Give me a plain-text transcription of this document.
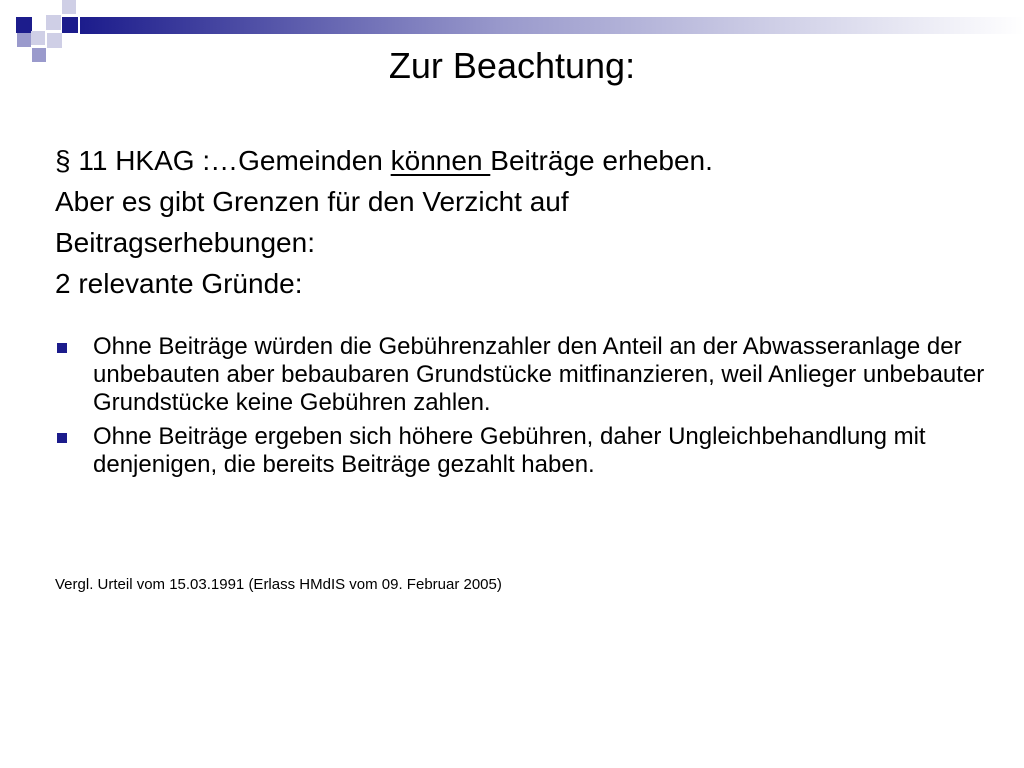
Zur Beachtung:
§ 11 HKAG :…Gemeinden können Beiträge erheben.
Aber es gibt Grenzen für den Verzicht auf
Beitragserhebungen:
2 relevante Gründe:
Ohne Beiträge würden die Gebührenzahler den Anteil an der Abwasseranlage der unbebauten aber bebaubaren Grundstücke mitfinanzieren, weil Anlieger unbebauter Grundstücke keine Gebühren zahlen.
Ohne Beiträge ergeben sich höhere Gebühren, daher Ungleichbehandlung mit denjenigen, die bereits Beiträge gezahlt haben.
Vergl. Urteil vom 15.03.1991 (Erlass HMdIS vom 09. Februar 2005)
